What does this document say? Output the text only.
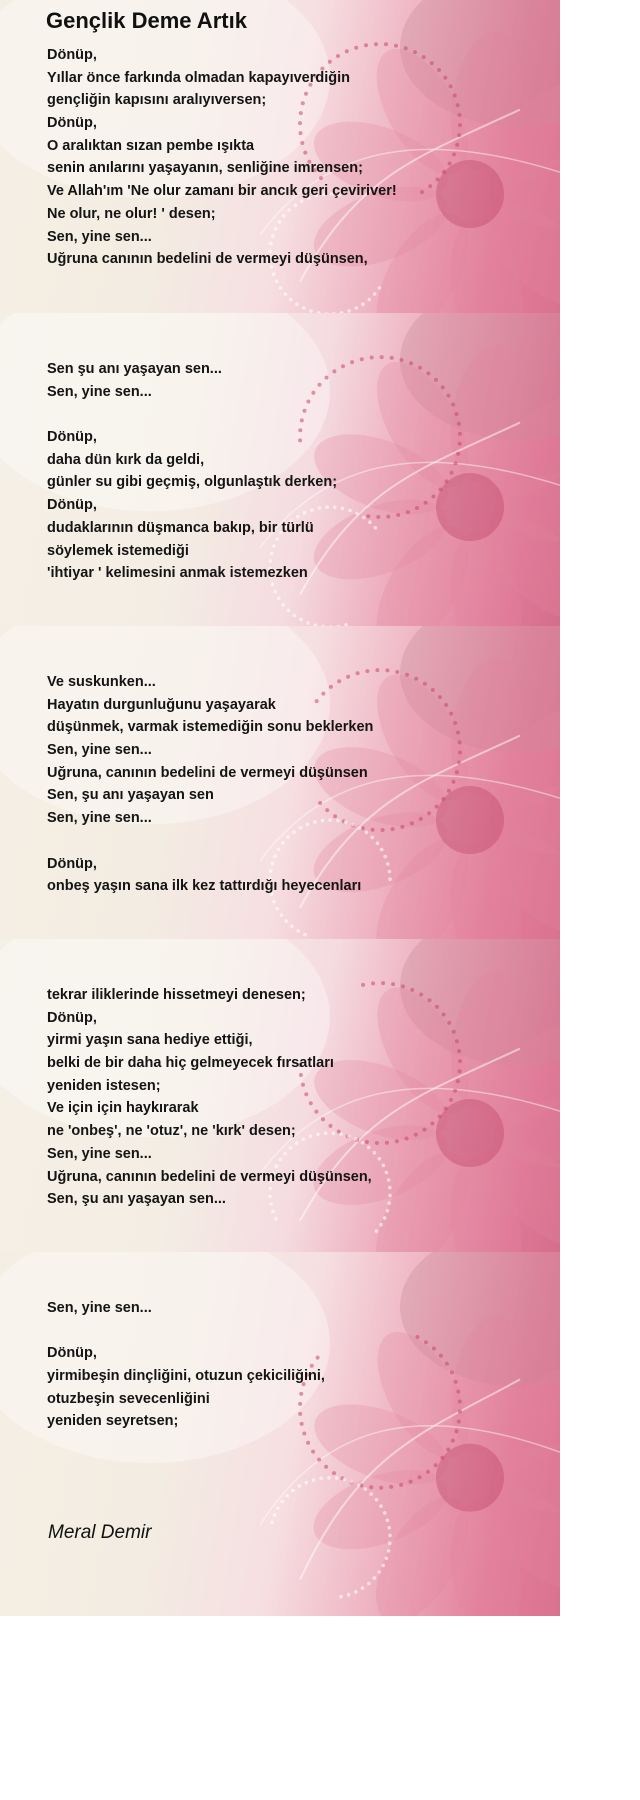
Gençlik Deme Artık
Dönüp,
Yıllar önce farkında olmadan kapayıverdiğin
gençliğin kapısını aralıyıversen;
Dönüp,
O aralıktan sızan pembe ışıkta
senin anılarını yaşayanın, senliğine imrensen;
Ve Allah'ım 'Ne olur zamanı bir ancık geri çeviriver!
Ne olur, ne olur! ' desen;
Sen, yine sen...
Uğruna canının bedelini de vermeyi düşünsen,
Sen şu anı yaşayan sen...
Sen, yine sen...
Dönüp,
daha dün kırk da geldi,
günler su gibi geçmiş, olgunlaştık derken;
Dönüp,
dudaklarının düşmanca bakıp, bir türlü
söylemek istemediği
'ihtiyar ' kelimesini anmak istemezken
Ve suskunken...
Hayatın durgunluğunu yaşayarak
düşünmek, varmak istemediğin sonu beklerken
Sen, yine sen...
Uğruna, canının bedelini de vermeyi düşünsen
Sen, şu anı yaşayan sen
Sen, yine sen...
Dönüp,
onbeş yaşın sana ilk kez tattırdığı heyecenları
tekrar iliklerinde hissetmeyi denesen;
Dönüp,
yirmi yaşın sana hediye ettiği,
belki de bir daha hiç gelmeyecek fırsatları
yeniden istesen;
Ve için için haykırarak
ne 'onbeş', ne 'otuz', ne 'kırk' desen;
Sen, yine sen...
Uğruna, canının bedelini de vermeyi düşünsen,
Sen, şu anı yaşayan sen...
Sen, yine sen...
Dönüp,
yirmibeşin dinçliğini, otuzun çekiciliğini,
otuzbeşin sevecenliğini
yeniden seyretsen;
Meral Demir
